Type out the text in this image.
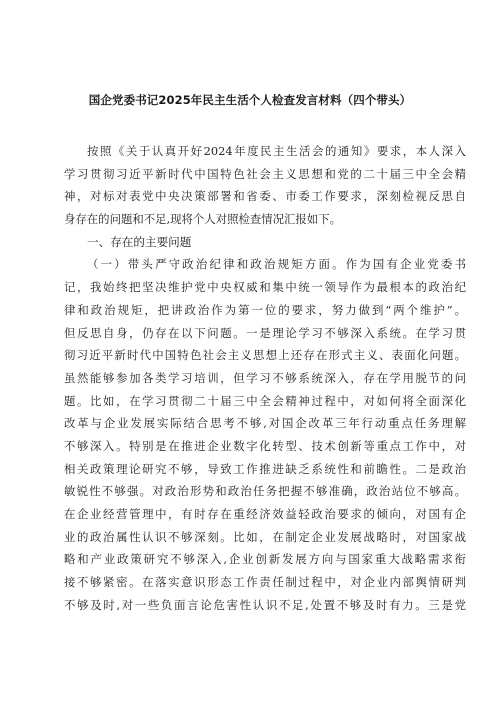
国企党委书记2025年民主生活个人检查发言材料（四个带头）
按照《关于认真开好2024年度民主生活会的通知》要求，本人深入
学习贯彻习近平新时代中国特色社会主义思想和党的二十届三中全会精
神，对标对表党中央决策部署和省委、市委工作要求，深刻检视反思自
身存在的问题和不足,现将个人对照检查情况汇报如下。
一、存在的主要问题
（一）带头严守政治纪律和政治规矩方面。作为国有企业党委书
记，我始终把坚决维护党中央权威和集中统一领导作为最根本的政治纪
律和政治规矩，把讲政治作为第一位的要求，努力做到“两个维护”。
但反思自身，仍存在以下问题。一是理论学习不够深入系统。在学习贯
彻习近平新时代中国特色社会主义思想上还存在形式主义、表面化问题。
虽然能够参加各类学习培训，但学习不够系统深入，存在学用脱节的问
题。比如，在学习贯彻二十届三中全会精神过程中，对如何将全面深化
改革与企业发展实际结合思考不够,对国企改革三年行动重点任务理解
不够深入。特别是在推进企业数字化转型、技术创新等重点工作中，对
相关政策理论研究不够，导致工作推进缺乏系统性和前瞻性。二是政治
敏锐性不够强。对政治形势和政治任务把握不够准确，政治站位不够高。
在企业经营管理中，有时存在重经济效益轻政治要求的倾向，对国有企
业的政治属性认识不够深刻。比如，在制定企业发展战略时，对国家战
略和产业政策研究不够深入,企业创新发展方向与国家重大战略需求衔
接不够紧密。在落实意识形态工作责任制过程中，对企业内部舆情研判
不够及时,对一些负面言论危害性认识不足,处置不够及时有力。三是党
